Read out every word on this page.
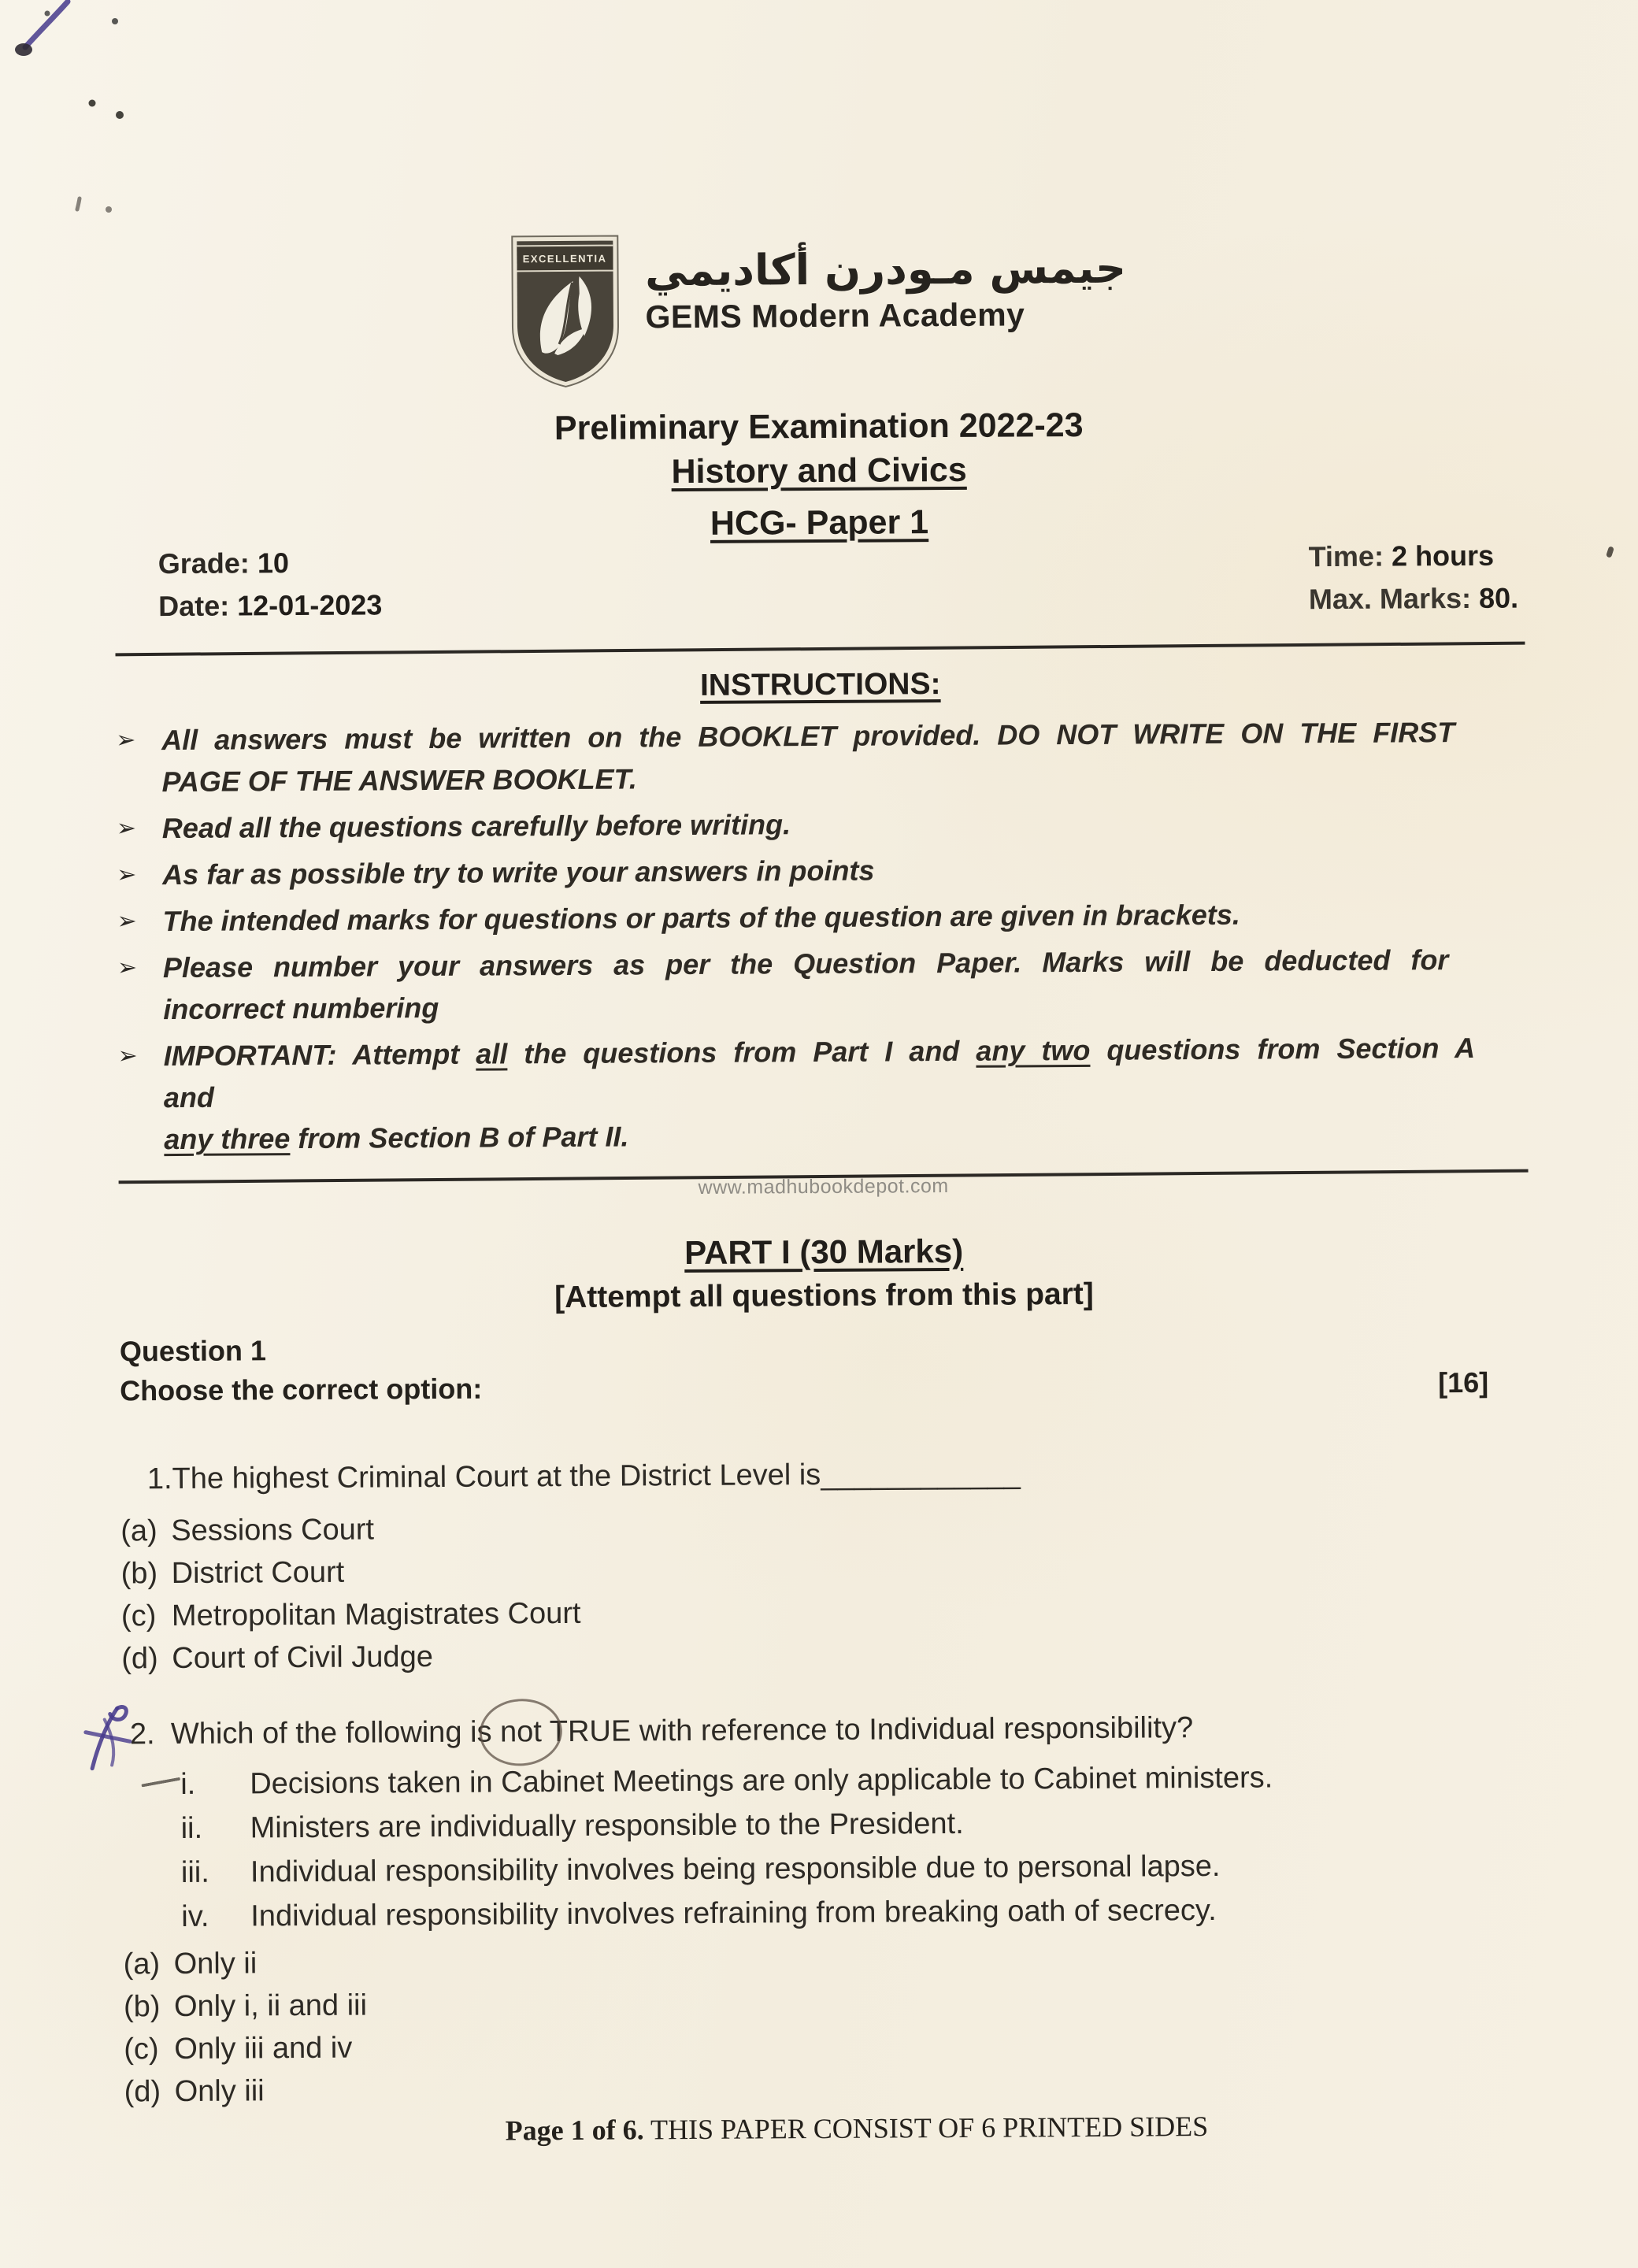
EXCELLENTIA جيمس مـودرن أكاديمي
GEMS Modern Academy
Preliminary Examination 2022-23
History and Civics
HCG- Paper 1
Grade: 10
Date: 12-01-2023
Time: 2 hours
Max. Marks: 80.
INSTRUCTIONS:
➢ All answers must be written on the BOOKLET provided. DO NOT WRITE ON THE FIRST
PAGE OF THE ANSWER BOOKLET.
➢ Read all the questions carefully before writing.
➢ As far as possible try to write your answers in points
➢ The intended marks for questions or parts of the question are given in brackets.
➢ Please number your answers as per the Question Paper. Marks will be deducted for
incorrect numbering
➢ IMPORTANT: Attempt all the questions from Part I and any two questions from Section A and
any three from Section B of Part II.
www.madhubookdepot.com
PART I (30 Marks)
[Attempt all questions from this part]
Question 1
Choose the correct option:	[16]
1. The highest Criminal Court at the District Level is____________
(a) Sessions Court
(b) District Court
(c) Metropolitan Magistrates Court
(d) Court of Civil Judge
2. Which of the following is not TRUE with reference to Individual responsibility?
i.	Decisions taken in Cabinet Meetings are only applicable to Cabinet ministers.
ii.	Ministers are individually responsible to the President.
iii.	Individual responsibility involves being responsible due to personal lapse.
iv.	Individual responsibility involves refraining from breaking oath of secrecy.
(a) Only ii
(b) Only i, ii and iii
(c) Only iii and iv
(d) Only iii
Page 1 of 6. THIS PAPER CONSIST OF 6 PRINTED SIDES
